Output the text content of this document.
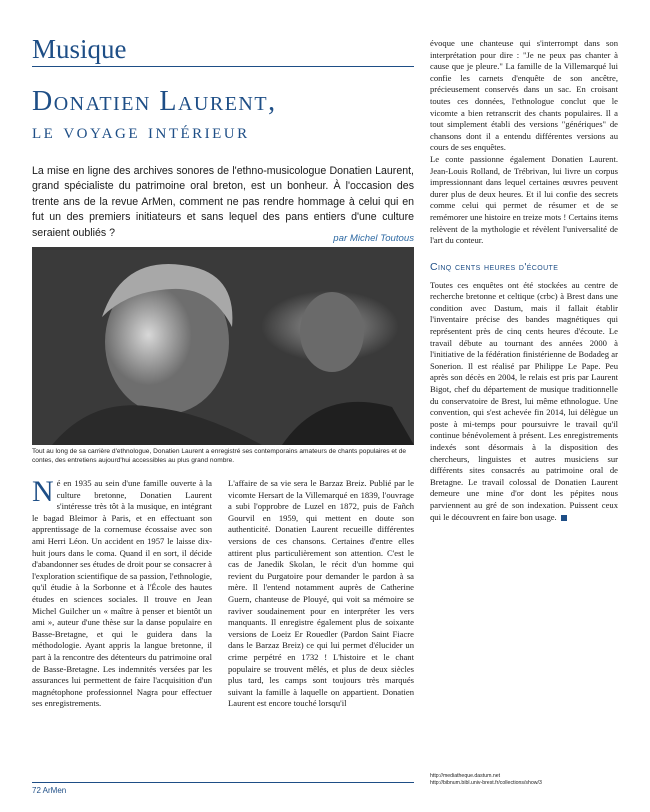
Musique
Donatien Laurent,
le voyage intérieur
La mise en ligne des archives sonores de l'ethno-musicologue Donatien Laurent, grand spécialiste du patrimoine oral breton, est un bonheur. À l'occasion des trente ans de la revue ArMen, comment ne pas rendre hommage à celui qui en fut un des premiers initiateurs et sans lequel des pans entiers d'une culture seraient oubliés ?	par Michel Toutous
Tout au long de sa carrière d'ethnologue, Donatien Laurent a enregistré ses contemporains amateurs de chants populaires et de contes, des entretiens aujourd'hui accessibles au plus grand nombre.
Né en 1935 au sein d'une famille ouverte à la culture bretonne, Donatien Laurent s'intéresse très tôt à la musique, en intégrant le bagad Bleimor à Paris, et en effectuant son apprentissage de la cornemuse écossaise avec son ami Herri Léon. Un accident en 1957 le laisse dix-huit jours dans le coma. Quand il en sort, il décide d'abandonner ses études de droit pour se consacrer à l'exploration scientifique de sa passion, l'ethnologie, qu'il étudie à la Sorbonne et à l'École des hautes études en sciences sociales. Il trouve en Jean Michel Guilcher un « maître à penser et bientôt un ami », auteur d'une thèse sur la danse populaire en Basse-Bretagne, et qui le guidera dans la méthodologie. Ayant appris la langue bretonne, il part à la rencontre des détenteurs du patrimoine oral de Basse-Bretagne. Les indemnités versées par les assurances lui permettent de faire l'acquisition d'un magnétophone professionnel Nagra pour effectuer ses enregistrements.

L'affaire de sa vie sera le Barzaz Breiz. Publié par le vicomte Hersart de la Villemarqué en 1839, l'ouvrage a subi l'opprobre de Luzel en 1872, puis de Fañch Gourvil en 1959, qui mettent en doute son authenticité. Donatien Laurent recueille différentes versions de ces chansons. Certaines d'entre elles attirent plus particulièrement son attention. C'est le cas de Janedik Skolan, le récit d'un homme qui revient du Purgatoire pour demander le pardon à sa mère. Il l'entend notamment auprès de Catherine Guern, chanteuse de Plouyé, qui voit sa mémoire se raviver soudainement pour en interpréter les vers manquants. Il enregistre également plus de soixante versions de Loeiz Er Rouedler (Pardon Saint Fiacre dans le Barzaz Breiz) ce qui lui permet d'élucider un crime perpétré en 1732 ! L'histoire et le chant populaire se trouvent mêlés, et plus de deux siècles plus tard, les camps sont toujours très marqués suivant la famille à laquelle on appartient. Donatien Laurent est encore touché lorsqu'il

évoque une chanteuse qui s'interrompt dans son interprétation pour dire : "Je ne peux pas chanter à cause que je pleure." La famille de la Villemarqué lui confie les carnets d'enquête de son ancêtre, précieusement conservés dans un sac. En croisant toutes ces données, l'ethnologue conclut que le vicomte a bien retranscrit des chants populaires. Il a tout simplement établi des versions "génériques" de chansons dont il a entendu différentes versions au cours de ses enquêtes.

Le conte passionne également Donatien Laurent. Jean-Louis Rolland, de Trébrivan, lui livre un corpus impressionnant dans lequel certaines œuvres peuvent durer plus de deux heures. Et il lui confie des secrets comme celui qui permet de résumer et de se remémorer une histoire en treize mots ! Certains items relèvent de la mythologie et révèlent l'universalité de l'art du conteur.

Cinq cents heures d'écoute

Toutes ces enquêtes ont été stockées au centre de recherche bretonne et celtique (crbc) à Brest dans une condition avec Dastum, mais il fallait établir l'inventaire précise des bandes magnétiques qui représentent près de cinq cents heures d'écoute. Le travail débute au tournant des années 2000 à l'initiative de la fédération finistérienne de Bodadeg ar Sonerion. Il est réalisé par Philippe Le Pape. Peu après son décès en 2004, le relais est pris par Laurent Bigot, chef du département de musique traditionnelle du conservatoire de Brest, lui même ethnologue. Une convention, qui s'est achevée fin 2014, lui délègue un poste à mi-temps pour poursuivre le travail qu'il continue bénévolement à présent. Les enregistrements indexés sont désormais à la disposition des chercheurs, linguistes et autres musiciens sur différents sites consacrés au patrimoine oral de Bretagne. Le travail colossal de Donatien Laurent demeure une mine d'or dont les pépites nous parviennent au gré de son indexation. Puissent ceux qui le découvrent en faire bon usage.

http://mediatheque.dastum.net
http://bibnum.bibl.univ-brest.fr/collections/show/3
72 ArMen
